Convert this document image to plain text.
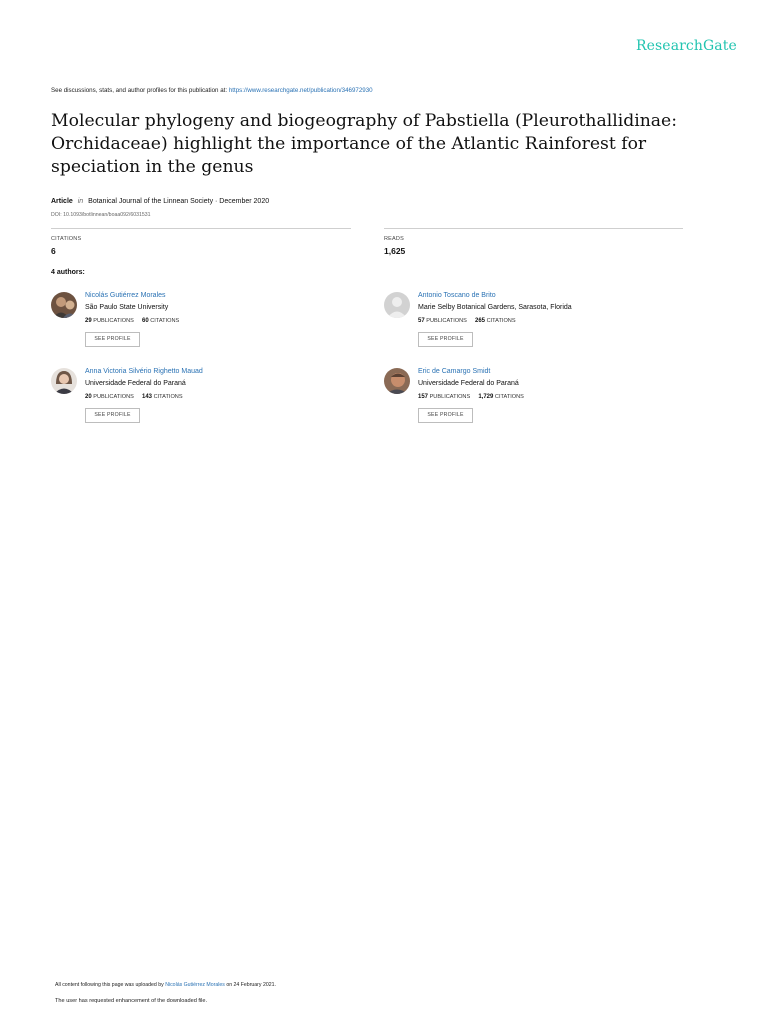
ResearchGate
See discussions, stats, and author profiles for this publication at: https://www.researchgate.net/publication/346972930
Molecular phylogeny and biogeography of Pabstiella (Pleurothallidinae: Orchidaceae) highlight the importance of the Atlantic Rainforest for speciation in the genus
Article in Botanical Journal of the Linnean Society · December 2020
DOI: 10.1093/botlinnean/boaa092/6031531
CITATIONS
6
READS
1,625
4 authors:
Nicolás Gutiérrez Morales
São Paulo State University
29 PUBLICATIONS 60 CITATIONS
SEE PROFILE
Antonio Toscano de Brito
Marie Selby Botanical Gardens, Sarasota, Florida
57 PUBLICATIONS 265 CITATIONS
SEE PROFILE
Anna Victoria Silvério Righetto Mauad
Universidade Federal do Paraná
20 PUBLICATIONS 143 CITATIONS
SEE PROFILE
Eric de Camargo Smidt
Universidade Federal do Paraná
157 PUBLICATIONS 1,729 CITATIONS
SEE PROFILE
All content following this page was uploaded by Nicolás Gutiérrez Morales on 24 February 2021.
The user has requested enhancement of the downloaded file.
